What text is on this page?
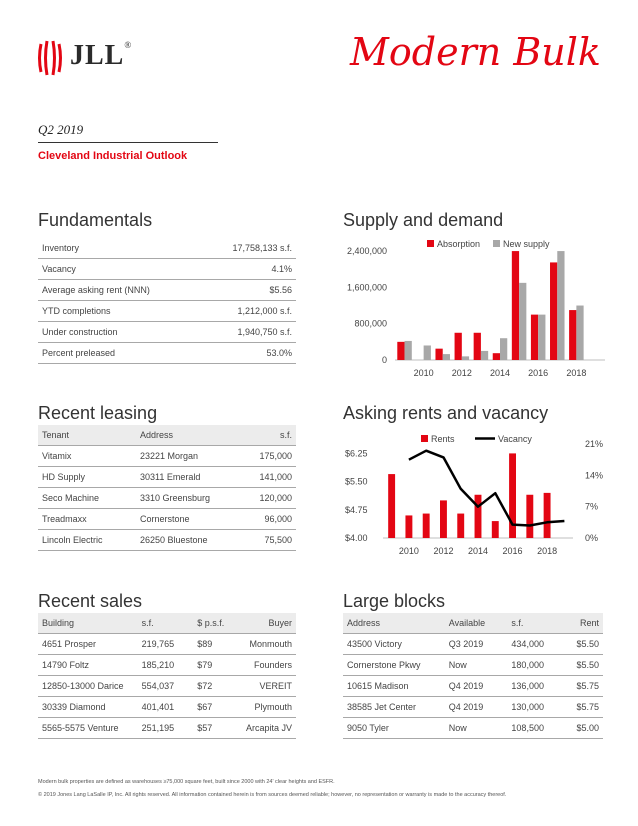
JLL®	Modern Bulk
Q2 2019
Cleveland Industrial Outlook
Fundamentals
Inventory	17,758,133 s.f.
Vacancy	4.1%
Average asking rent (NNN)	$5.56
YTD completions	1,212,000 s.f.
Under construction	1,940,750 s.f.
Percent preleased	53.0%
Supply and demand
0
800,000
1,600,000
2,400,000
2010 2012 2014 2016 2018
Absorption	New supply
Recent leasing
Tenant	Address	s.f.
Vitamix	23221 Morgan	175,000
HD Supply	30311 Emerald	141,000
Seco Machine	3310 Greensburg	120,000
Treadmaxx	Cornerstone	96,000
Lincoln Electric	26250 Bluestone	75,500
Asking rents and vacancy
$4.00
$4.75
$5.50
$6.25
0%
7%
14%
21%
2010 2012 2014 2016 2018
Rents	Vacancy
Recent sales
Building	s.f.	$ p.s.f.	Buyer
4651 Prosper	219,765	$89	Monmouth
14790 Foltz	185,210	$79	Founders
12850-13000 Darice	554,037	$72	VEREIT
30339 Diamond	401,401	$67	Plymouth
5565-5575 Venture	251,195	$57	Arcapita JV
Large blocks
Address	Available	s.f.	Rent
43500 Victory	Q3 2019	434,000	$5.50
Cornerstone Pkwy	Now	180,000	$5.50
10615 Madison	Q4 2019	136,000	$5.75
38585 Jet Center	Q4 2019	130,000	$5.75
9050 Tyler	Now	108,500	$5.00
Modern bulk properties are defined as warehouses ≥75,000 square feet, built since 2000 with 24' clear heights and ESFR.
© 2019 Jones Lang LaSalle IP, Inc. All rights reserved. All information contained herein is from sources deemed reliable; however, no representation or warranty is made to the accuracy thereof.
